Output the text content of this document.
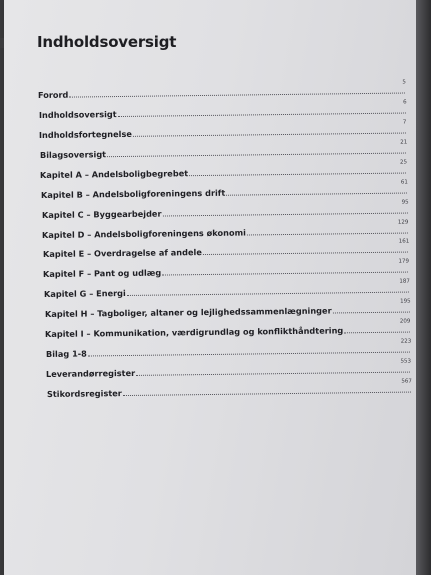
Indholdsoversigt
Forord
5
Indholdsoversigt
6
Indholdsfortegnelse
7
Bilagsoversigt
21
Kapitel A – Andelsboligbegrebet
25
Kapitel B – Andelsboligforeningens drift
61
Kapitel C – Byggearbejder
95
Kapitel D – Andelsboligforeningens økonomi
129
Kapitel E – Overdragelse af andele
161
Kapitel F – Pant og udlæg
179
Kapitel G – Energi
187
Kapitel H – Tagboliger, altaner og lejlighedssammenlægninger
195
Kapitel I – Kommunikation, værdigrundlag og konflikthåndtering
209
Bilag 1-8
223
Leverandørregister
553
Stikordsregister
567
